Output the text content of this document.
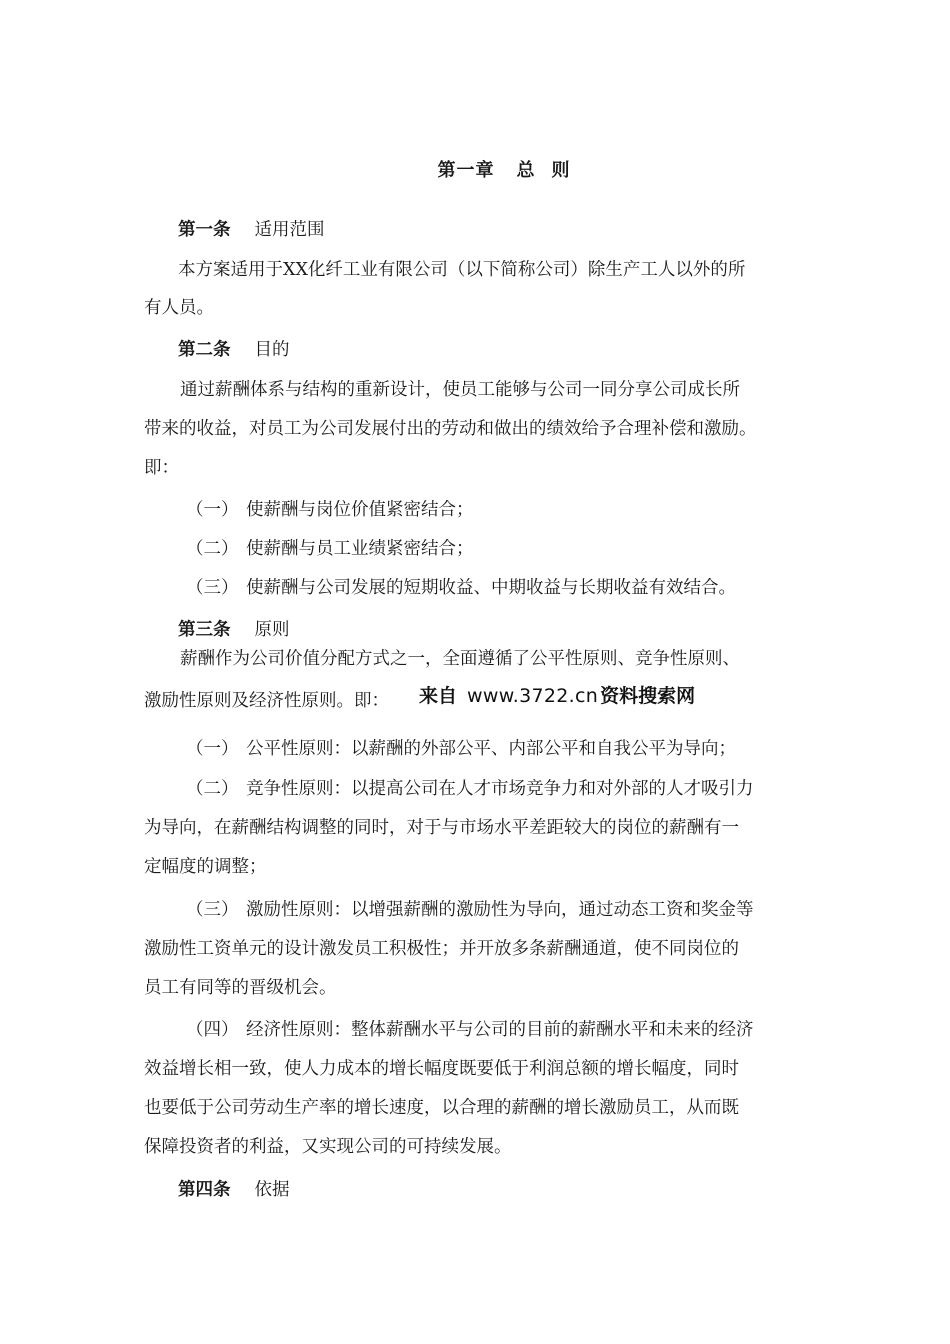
第一章 总 则
第一条 适用范围
本方案适用于XX化纤工业有限公司（以下简称公司）除生产工人以外的所
有人员。
第二条 目的
通过薪酬体系与结构的重新设计，使员工能够与公司一同分享公司成长所
带来的收益，对员工为公司发展付出的劳动和做出的绩效给予合理补偿和激励。
即：
（一） 使薪酬与岗位价值紧密结合；
（二） 使薪酬与员工业绩紧密结合；
（三） 使薪酬与公司发展的短期收益、中期收益与长期收益有效结合。
第三条 原则
薪酬作为公司价值分配方式之一，全面遵循了公平性原则、竞争性原则、
激励性原则及经济性原则。即： 来自 www.3722.cn 资料搜索网
（一） 公平性原则：以薪酬的外部公平、内部公平和自我公平为导向；
（二） 竞争性原则：以提高公司在人才市场竞争力和对外部的人才吸引力
为导向，在薪酬结构调整的同时，对于与市场水平差距较大的岗位的薪酬有一
定幅度的调整；
（三） 激励性原则：以增强薪酬的激励性为导向，通过动态工资和奖金等
激励性工资单元的设计激发员工积极性；并开放多条薪酬通道，使不同岗位的
员工有同等的晋级机会。
（四） 经济性原则：整体薪酬水平与公司的目前的薪酬水平和未来的经济
效益增长相一致，使人力成本的增长幅度既要低于利润总额的增长幅度，同时
也要低于公司劳动生产率的增长速度，以合理的薪酬的增长激励员工，从而既
保障投资者的利益，又实现公司的可持续发展。
第四条 依据
